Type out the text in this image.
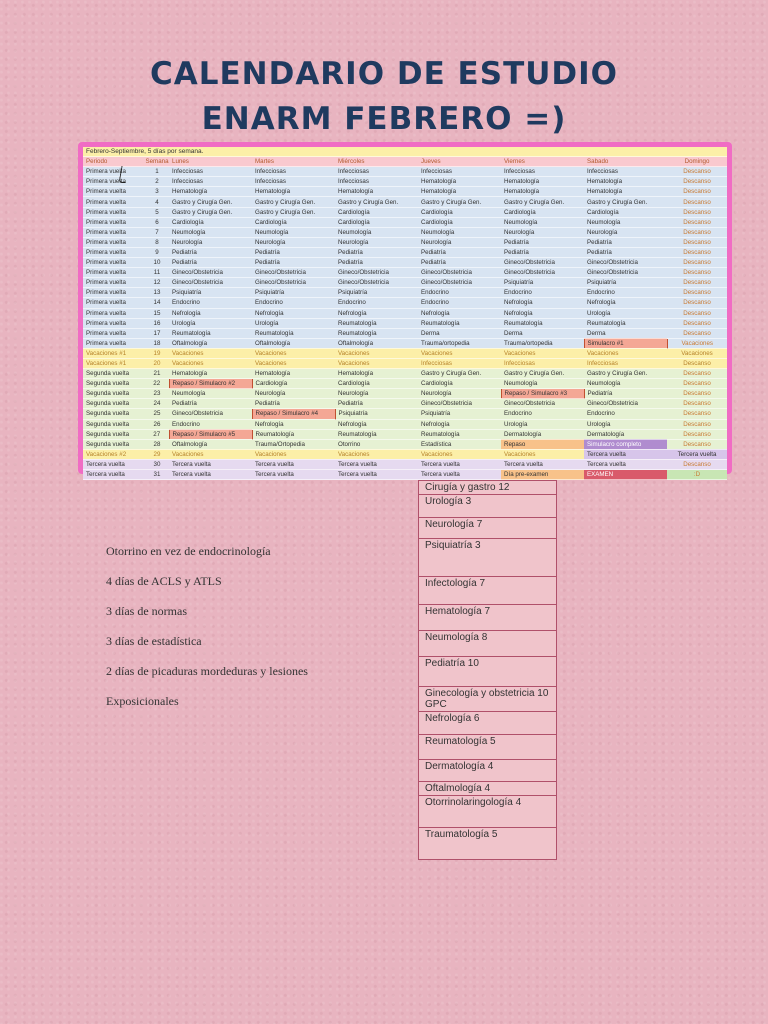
CALENDARIO DE ESTUDIO
ENARM FEBRERO =)
Febrero-Septiembre, 5 días por semana.								
Periodo	Semana	Lunes	Martes	Miércoles	Jueves	Viernes	Sabado	Domingo
Primera vuelta	1	Infecciosas	Infecciosas	Infecciosas	Infecciosas	Infecciosas	Infecciosas	Descanso
Primera vuelta	2	Infecciosas	Infecciosas	Infecciosas	Hematología	Hematología	Hematología	Descanso
Primera vuelta	3	Hematología	Hematología	Hematología	Hematología	Hematología	Hematología	Descanso
Primera vuelta	4	Gastro y Cirugía Gen.	Gastro y Cirugía Gen.	Gastro y Cirugía Gen.	Gastro y Cirugía Gen.	Gastro y Cirugía Gen.	Gastro y Cirugía Gen.	Descanso
Primera vuelta	5	Gastro y Cirugía Gen.	Gastro y Cirugía Gen.	Cardiología	Cardiología	Cardiología	Cardiología	Descanso
Primera vuelta	6	Cardiología	Cardiología	Cardiología	Cardiología	Neumología	Neumología	Descanso
Primera vuelta	7	Neumología	Neumología	Neumología	Neumología	Neurología	Neurología	Descanso
Primera vuelta	8	Neurología	Neurología	Neurología	Neurología	Pediatría	Pediatría	Descanso
Primera vuelta	9	Pediatría	Pediatría	Pediatría	Pediatría	Pediatría	Pediatría	Descanso
Primera vuelta	10	Pediatría	Pediatría	Pediatría	Pediatría	Gineco/Obstetricia	Gineco/Obstetricia	Descanso
Primera vuelta	11	Gineco/Obstetricia	Gineco/Obstetricia	Gineco/Obstetricia	Gineco/Obstetricia	Gineco/Obstetricia	Gineco/Obstetricia	Descanso
Primera vuelta	12	Gineco/Obstetricia	Gineco/Obstetricia	Gineco/Obstetricia	Gineco/Obstetricia	Psiquiatría	Psiquiatría	Descanso
Primera vuelta	13	Psiquiatría	Psiquiatría	Psiquiatría	Endocrino	Endocrino	Endocrino	Descanso
Primera vuelta	14	Endocrino	Endocrino	Endocrino	Endocrino	Nefrología	Nefrología	Descanso
Primera vuelta	15	Nefrología	Nefrología	Nefrología	Nefrología	Nefrología	Urología	Descanso
Primera vuelta	16	Urología	Urología	Reumatología	Reumatología	Reumatología	Reumatología	Descanso
Primera vuelta	17	Reumatología	Reumatología	Reumatología	Derma	Derma	Derma	Descanso
Primera vuelta	18	Oftalmología	Oftalmología	Oftalmología	Trauma/ortopedia	Trauma/ortopedia	Simulacro #1	Vacaciones
Vacaciones #1	19	Vacaciones	Vacaciones	Vacaciones	Vacaciones	Vacaciones	Vacaciones	Vacaciones
Vacaciones #1	20	Vacaciones	Vacaciones	Vacaciones	Infecciosas	Infecciosas	Infecciosas	Descanso
Segunda vuelta	21	Hematología	Hematología	Hematología	Gastro y Cirugía Gen.	Gastro y Cirugía Gen.	Gastro y Cirugía Gen.	Descanso
Segunda vuelta	22	Repaso / Simulacro #2	Cardiología	Cardiología	Cardiología	Neumología	Neumología	Descanso
Segunda vuelta	23	Neumología	Neurología	Neurología	Neurología	Repaso / Simulacro #3	Pediatría	Descanso
Segunda vuelta	24	Pediatría	Pediatría	Pediatría	Gineco/Obstetricia	Gineco/Obstetricia	Gineco/Obstetricia	Descanso
Segunda vuelta	25	Gineco/Obstetricia	Repaso / Simulacro #4	Psiquiatría	Psiquiatría	Endocrino	Endocrino	Descanso
Segunda vuelta	26	Endocrino	Nefrología	Nefrología	Nefrología	Urología	Urología	Descanso
Segunda vuelta	27	Repaso / Simulacro #5	Reumatología	Reumatología	Reumatología	Dermatología	Dermatología	Descanso
Segunda vuelta	28	Oftalmología	Trauma/Ortopedia	Otorrino	Estadística	Repaso	Simulacro completo	Descanso
Vacaciones #2	29	Vacaciones	Vacaciones	Vacaciones	Vacaciones	Vacaciones	Tercera vuelta	Tercera vuelta
Tercera vuelta	30	Tercera vuelta	Tercera vuelta	Tercera vuelta	Tercera vuelta	Tercera vuelta	Tercera vuelta	Descanso
Tercera vuelta	31	Tercera vuelta	Tercera vuelta	Tercera vuelta	Tercera vuelta	Día pre-examen	EXAMEN	:D
Otorrino en vez de endocrinología
4 días de ACLS y ATLS
3 días de normas
3 días de estadística
2 días de picaduras mordeduras y lesiones
Exposicionales
Cirugía y gastro 12
Urología 3
Neurología 7
Psiquiatría 3
Infectología 7
Hematología 7
Neumología 8
Pediatría 10
Ginecología y obstetricia 10 GPC
Nefrología 6
Reumatología 5
Dermatología 4
Oftalmología 4
Otorrinolaringología 4
Traumatología 5
